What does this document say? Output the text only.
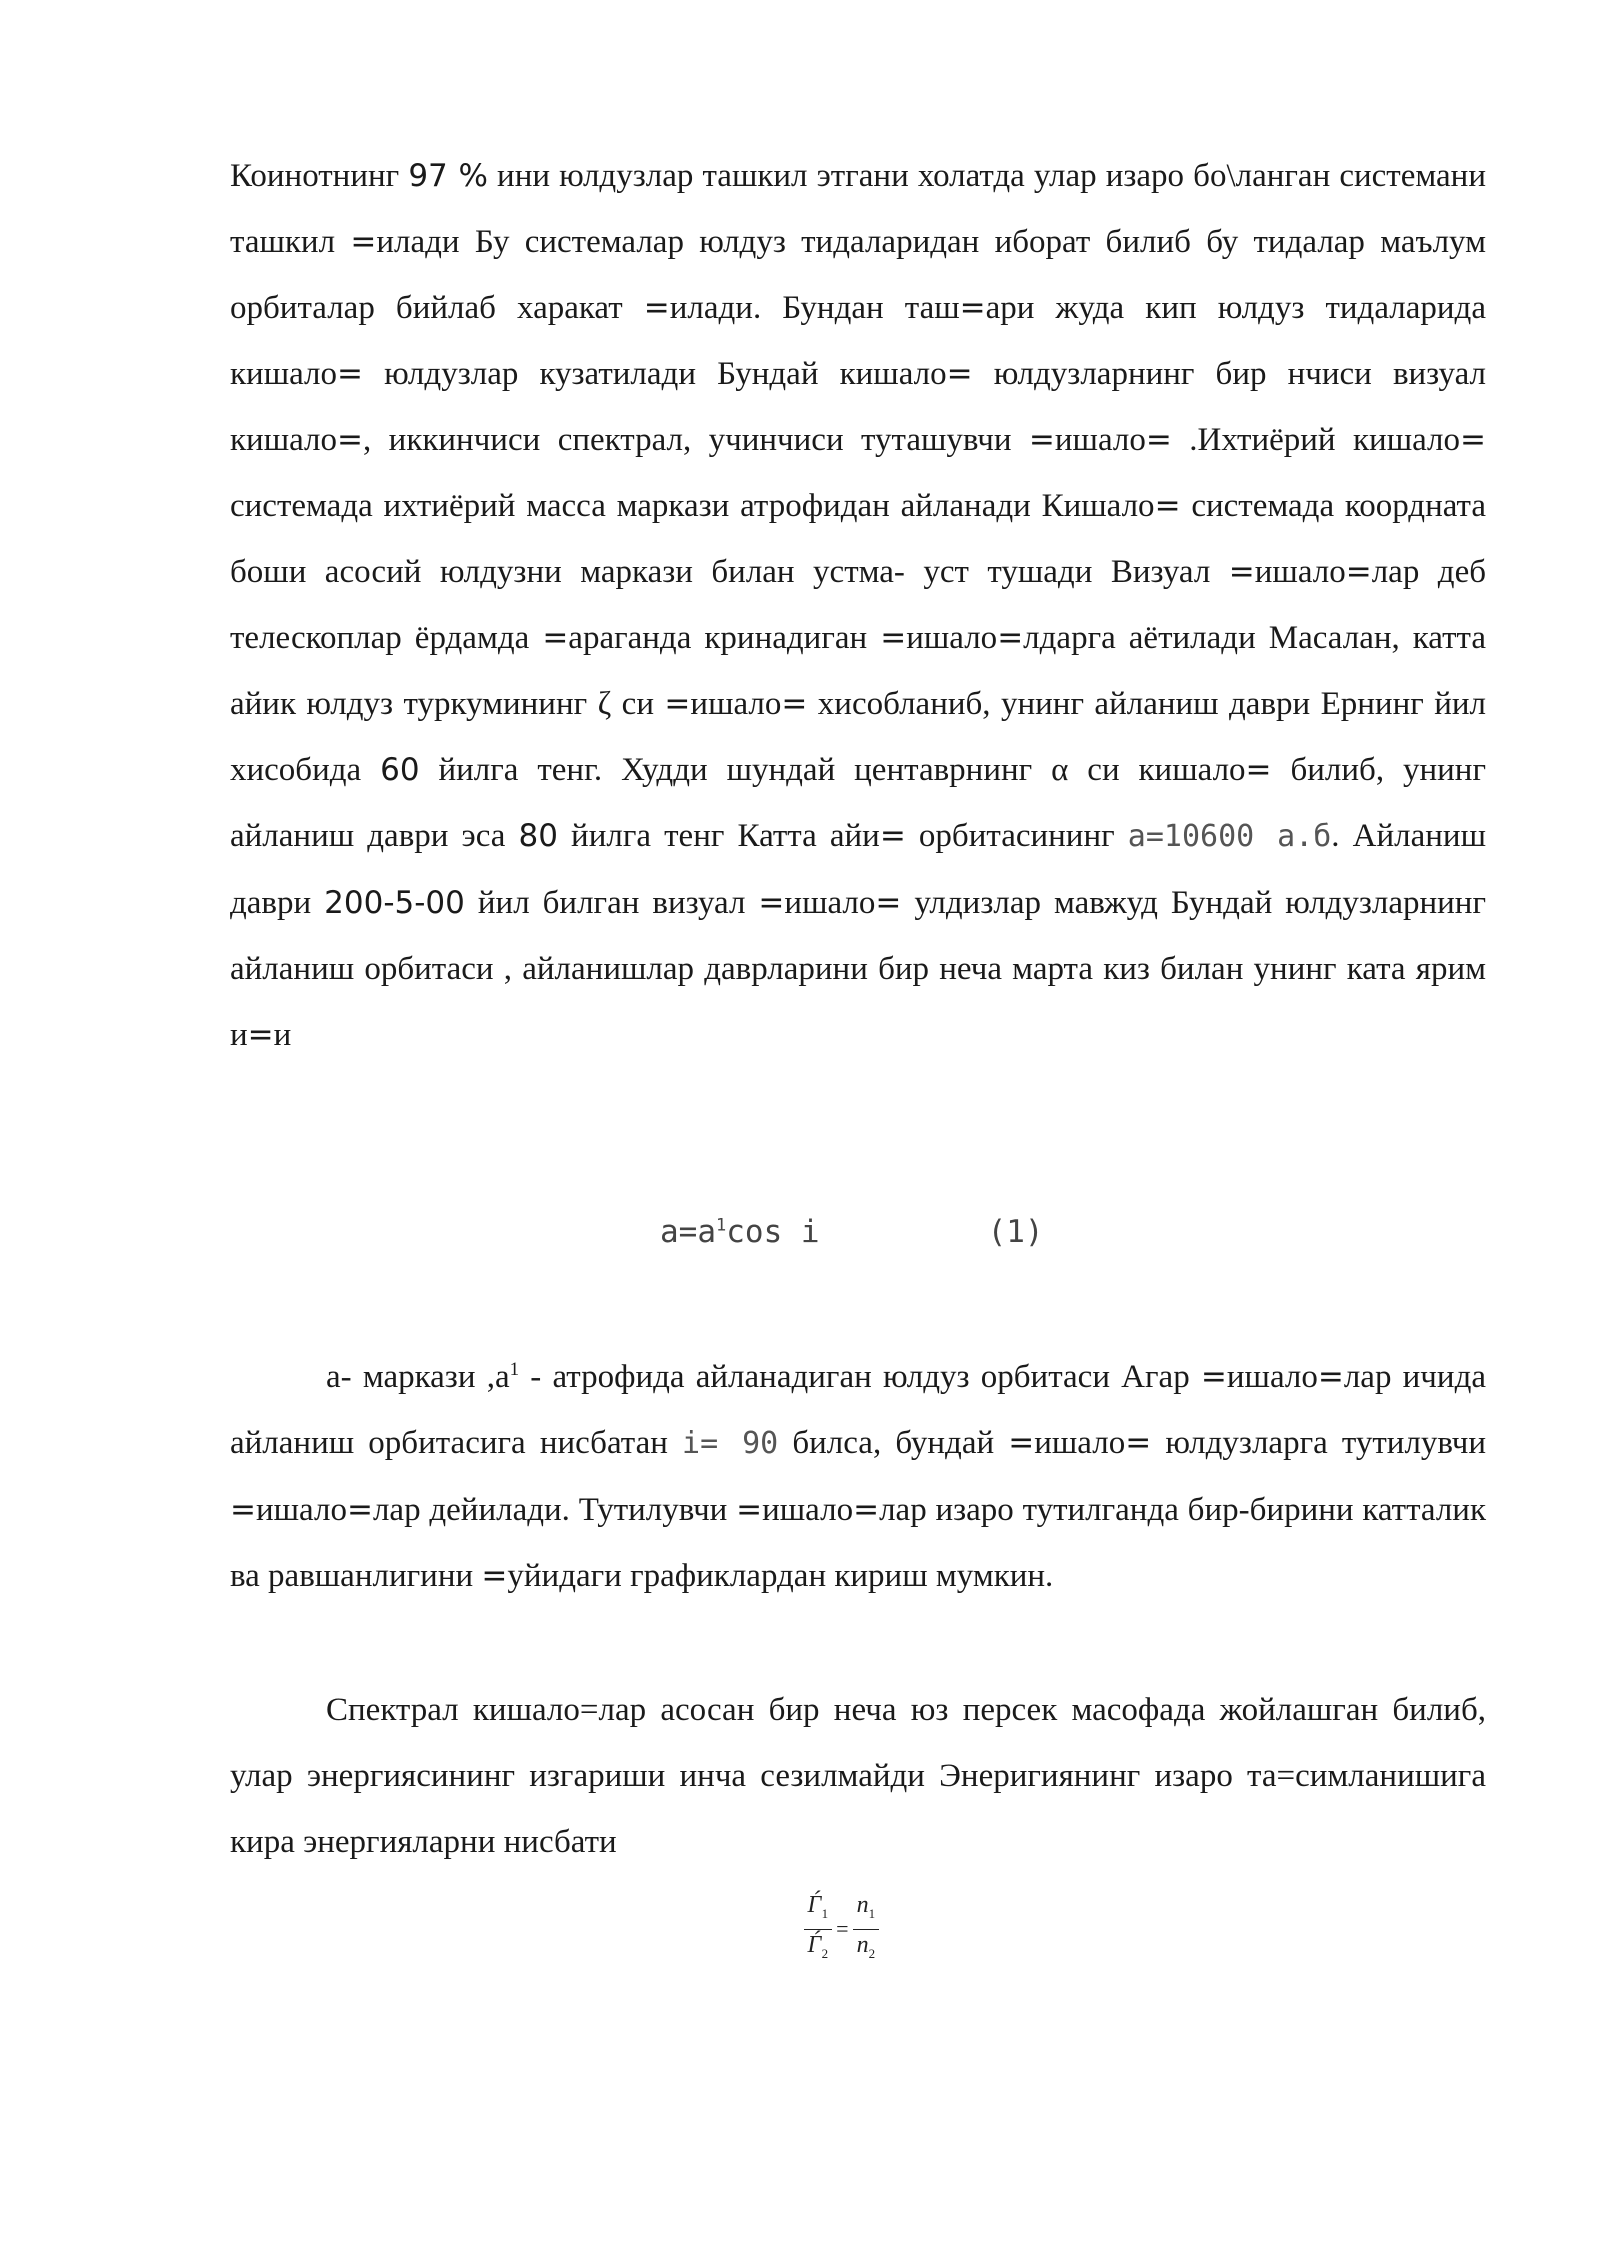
Коинотнинг 97 % ини юлдузлар ташкил этгани холатда улар изаро бо\ланган системани ташкил =илади Бу системалар юлдуз тидаларидан иборат билиб бу тидалар маълум орбиталар бийлаб харакат =илади. Бундан таш=ари жуда кип юлдуз тидаларида кишало= юлдузлар кузатилади Бундай кишало= юлдузларнинг бир нчиси визуал кишало=, иккинчиси спектрал, учинчиси туташувчи =ишало= .Ихтиёрий кишало= системада ихтиёрий масса маркази атрофидан айланади Кишало= системада коордната боши асосий юлдузни маркази билан устма- уст тушади Визуал =ишало=лар деб телескоплар ёрдамда =араганда кринадиган =ишало=лдарга аётилади Масалан, катта айик юлдуз туркумининг ζ си =ишало= хисобланиб, унинг айланиш даври Ернинг йил хисобида 60 йилга тенг. Худди шундай центаврнинг α си кишало= билиб, унинг айланиш даври эса 80 йилга тенг Катта айи= орбитасининг a=10600 а.б. Айланиш даври 200-5-00 йил билган визуал =ишало= улдизлар мавжуд Бундай юлдузларнинг айланиш орбитаси , айланишлар даврларини бир неча марта киз билан унинг ката ярим и=и

$a=a^1\cos$ i	(1)

а- маркази $,а^1$ - атрофида айланадиган юлдуз орбитаси Агар =ишало=лар ичида айланиш орбитасига нисбатан i= 90 билса, бундай =ишало= юлдузларга тутилувчи =ишало=лар дейилади. Тутилувчи =ишало=лар изаро тутилганда бир-бирини катталик ва равшанлигини =уйидаги графиклардан кириш мумкин.

Спектрал кишало=лар асосан бир неча юз персек масофада жойлашган билиб, улар энергиясининг изгариши инча сезилмайди Энеригиянинг изаро та=симланишига кира энергияларни нисбати

$\frac{Ѓ_1}{Ѓ_2} = \frac{n_1}{n_2}$
